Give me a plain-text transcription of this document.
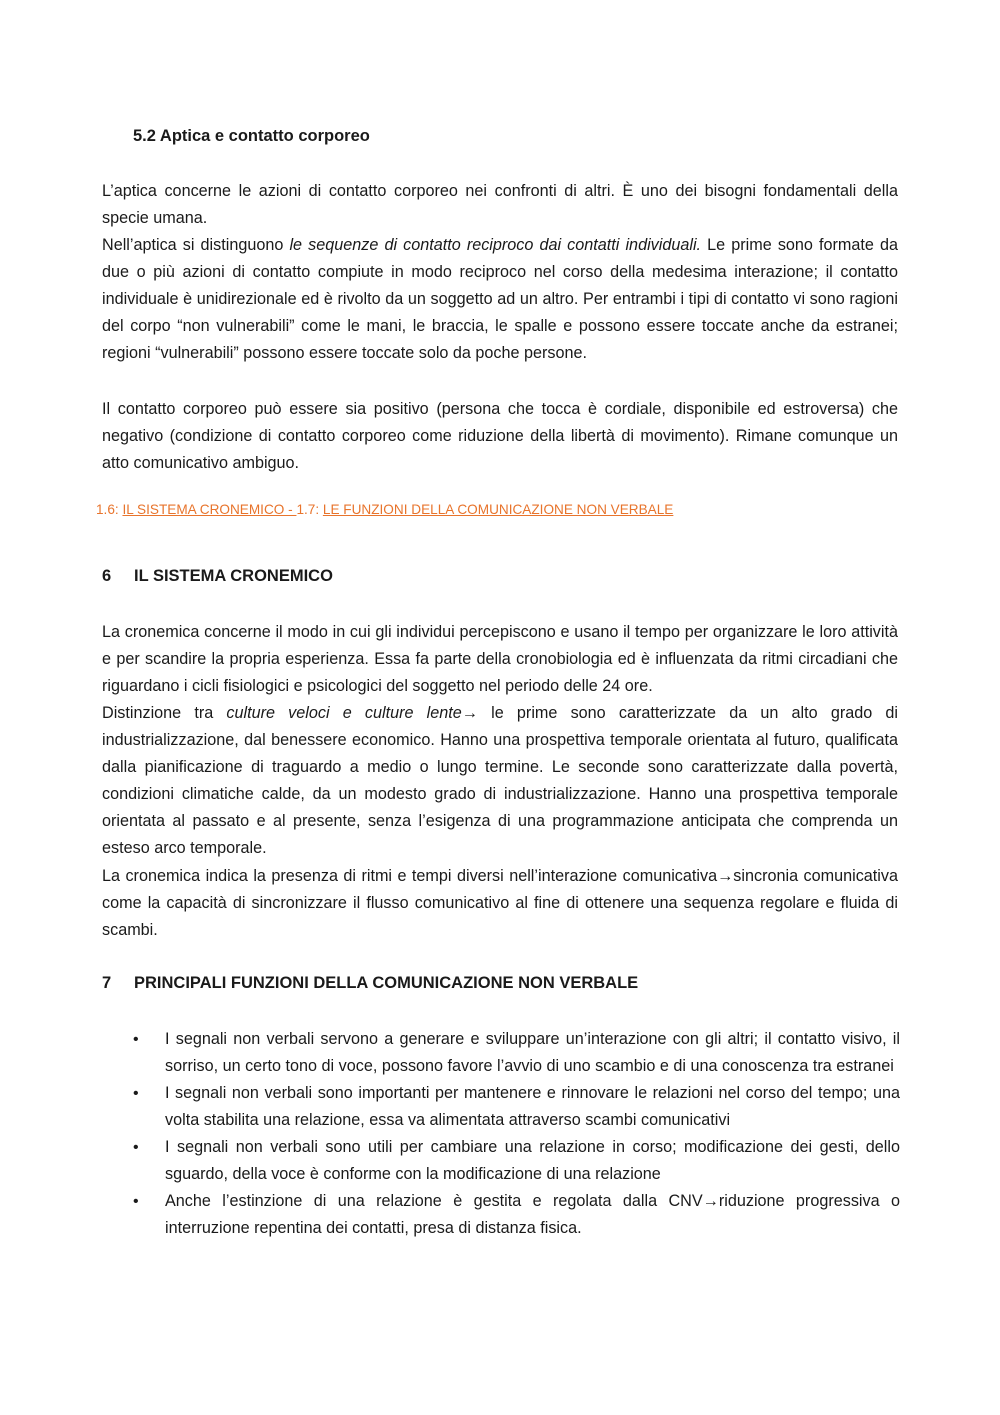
5.2 Aptica e contatto corporeo

L’aptica concerne le azioni di contatto corporeo nei confronti di altri. È uno dei bisogni fondamentali della specie umana.

Nell’aptica si distinguono le sequenze di contatto reciproco dai contatti individuali. Le prime sono formate da due o più azioni di contatto compiute in modo reciproco nel corso della medesima interazione; il contatto individuale è unidirezionale ed è rivolto da un soggetto ad un altro. Per entrambi i tipi di contatto vi sono ragioni del corpo “non vulnerabili” come le mani, le braccia, le spalle e possono essere toccate anche da estranei; regioni “vulnerabili” possono essere toccate solo da poche persone.

Il contatto corporeo può essere sia positivo (persona che tocca è cordiale, disponibile ed estroversa) che negativo (condizione di contatto corporeo come riduzione della libertà di movimento). Rimane comunque un atto comunicativo ambiguo.

1.6: IL SISTEMA CRONEMICO - 1.7: LE FUNZIONI DELLA COMUNICAZIONE NON VERBALE
6 IL SISTEMA CRONEMICO

La cronemica concerne il modo in cui gli individui percepiscono e usano il tempo per organizzare le loro attività e per scandire la propria esperienza. Essa fa parte della cronobiologia ed è influenzata da ritmi circadiani che riguardano i cicli fisiologici e psicologici del soggetto nel periodo delle 24 ore.

Distinzione tra culture veloci e culture lente→ le prime sono caratterizzate da un alto grado di industrializzazione, dal benessere economico. Hanno una prospettiva temporale orientata al futuro, qualificata dalla pianificazione di traguardo a medio o lungo termine. Le seconde sono caratterizzate dalla povertà, condizioni climatiche calde, da un modesto grado di industrializzazione. Hanno una prospettiva temporale orientata al passato e al presente, senza l’esigenza di una programmazione anticipata che comprenda un esteso arco temporale.

La cronemica indica la presenza di ritmi e tempi diversi nell’interazione comunicativa→sincronia comunicativa come la capacità di sincronizzare il flusso comunicativo al fine di ottenere una sequenza regolare e fluida di scambi.

7 PRINCIPALI FUNZIONI DELLA COMUNICAZIONE NON VERBALE
• I segnali non verbali servono a generare e sviluppare un’interazione con gli altri; il contatto visivo, il sorriso, un certo tono di voce, possono favore l’avvio di uno scambio e di una conoscenza tra estranei
• I segnali non verbali sono importanti per mantenere e rinnovare le relazioni nel corso del tempo; una volta stabilita una relazione, essa va alimentata attraverso scambi comunicativi
• I segnali non verbali sono utili per cambiare una relazione in corso; modificazione dei gesti, dello sguardo, della voce è conforme con la modificazione di una relazione
• Anche l’estinzione di una relazione è gestita e regolata dalla CNV→riduzione progressiva o interruzione repentina dei contatti, presa di distanza fisica.
